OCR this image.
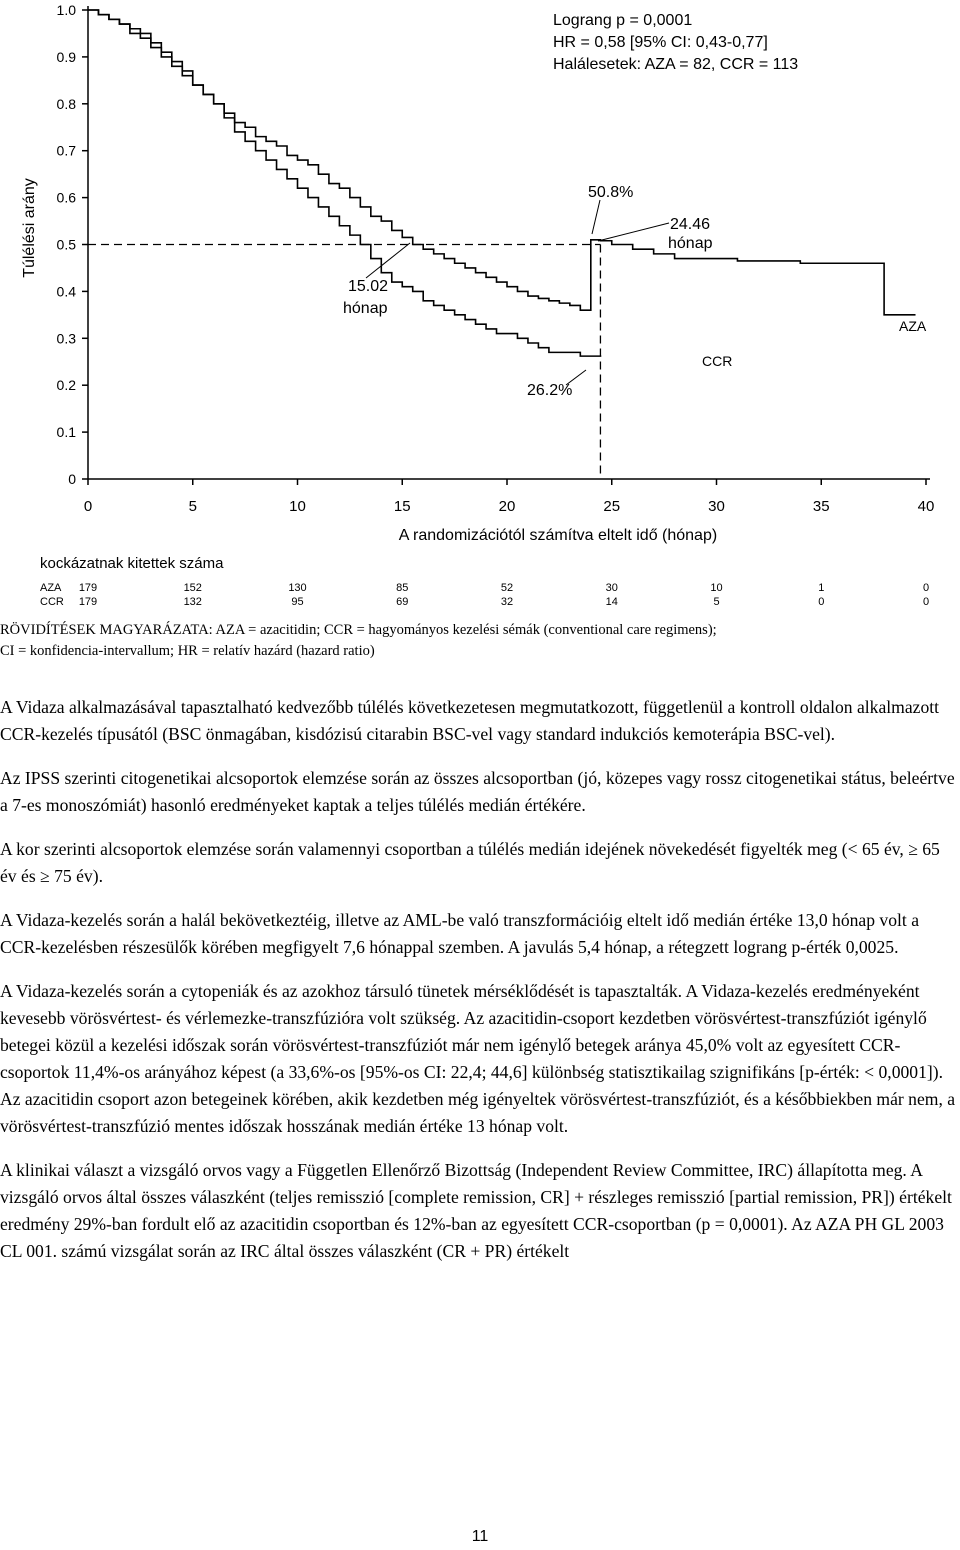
0
0.1
0.2
0.3
0.4
0.5
0.6
0.7
0.8
0.9
1.0
0	5	10	15	20	25	30	35	40
Túlélési arány
A randomizációtól számítva eltelt idő (hónap)
Lograng p = 0,0001
HR = 0,58 [95% CI: 0,43-0,77]
Halálesetek: AZA = 82, CCR = 113
50.8%
24.46
hónap
15.02
hónap
26.2%
AZA
CCR
kockázatnak kitettek száma
AZA 179	152	130	85	52	30	10	1	0
CCR 179	132	95	69	32	14	5	0	0

RÖVIDÍTÉSEK MAGYARÁZATA: AZA = azacitidin; CCR = hagyományos kezelési sémák (conventional care regimens);

CI = konfidencia-intervallum; HR = relatív hazárd (hazard ratio)

A Vidaza alkalmazásával tapasztalható kedvezőbb túlélés következetesen megmutatkozott, függetlenül a kontroll oldalon alkalmazott CCR-kezelés típusától (BSC önmagában, kisdózisú citarabin BSC-vel vagy standard indukciós kemoterápia BSC-vel).

Az IPSS szerinti citogenetikai alcsoportok elemzése során az összes alcsoportban (jó, közepes vagy rossz citogenetikai státus, beleértve a 7-es monoszómiát) hasonló eredményeket kaptak a teljes túlélés medián értékére.

A kor szerinti alcsoportok elemzése során valamennyi csoportban a túlélés medián idejének növekedését figyelték meg (< 65 év, ≥ 65 év és ≥ 75 év).

A Vidaza-kezelés során a halál bekövetkeztéig, illetve az AML-be való transzformációig eltelt idő medián értéke 13,0 hónap volt a CCR-kezelésben részesülők körében megfigyelt 7,6 hónappal szemben. A javulás 5,4 hónap, a rétegzett lograng p-érték 0,0025.

A Vidaza-kezelés során a cytopeniák és az azokhoz társuló tünetek mérséklődését is tapasztalták. A Vidaza-kezelés eredményeként kevesebb vörösvértest- és vérlemezke-transzfúzióra volt szükség. Az azacitidin-csoport kezdetben vörösvértest-transzfúziót igénylő betegei közül a kezelési időszak során vörösvértest-transzfúziót már nem igénylő betegek aránya 45,0% volt az egyesített CCR-csoportok 11,4%-os arányához képest (a 33,6%-os [95%-os CI: 22,4; 44,6] különbség statisztikailag szignifikáns [p-érték: < 0,0001]). Az azacitidin csoport azon betegeinek körében, akik kezdetben még igényeltek vörösvértest-transzfúziót, és a későbbiekben már nem, a vörösvértest-transzfúzió mentes időszak hosszának medián értéke 13 hónap volt.

A klinikai választ a vizsgáló orvos vagy a Független Ellenőrző Bizottság (Independent Review Committee, IRC) állapította meg. A vizsgáló orvos által összes válaszként (teljes remisszió [complete remission, CR] + részleges remisszió [partial remission, PR]) értékelt eredmény 29%-ban fordult elő az azacitidin csoportban és 12%-ban az egyesített CCR-csoportban (p = 0,0001). Az AZA PH GL 2003 CL 001. számú vizsgálat során az IRC által összes válaszként (CR + PR) értékelt

11
